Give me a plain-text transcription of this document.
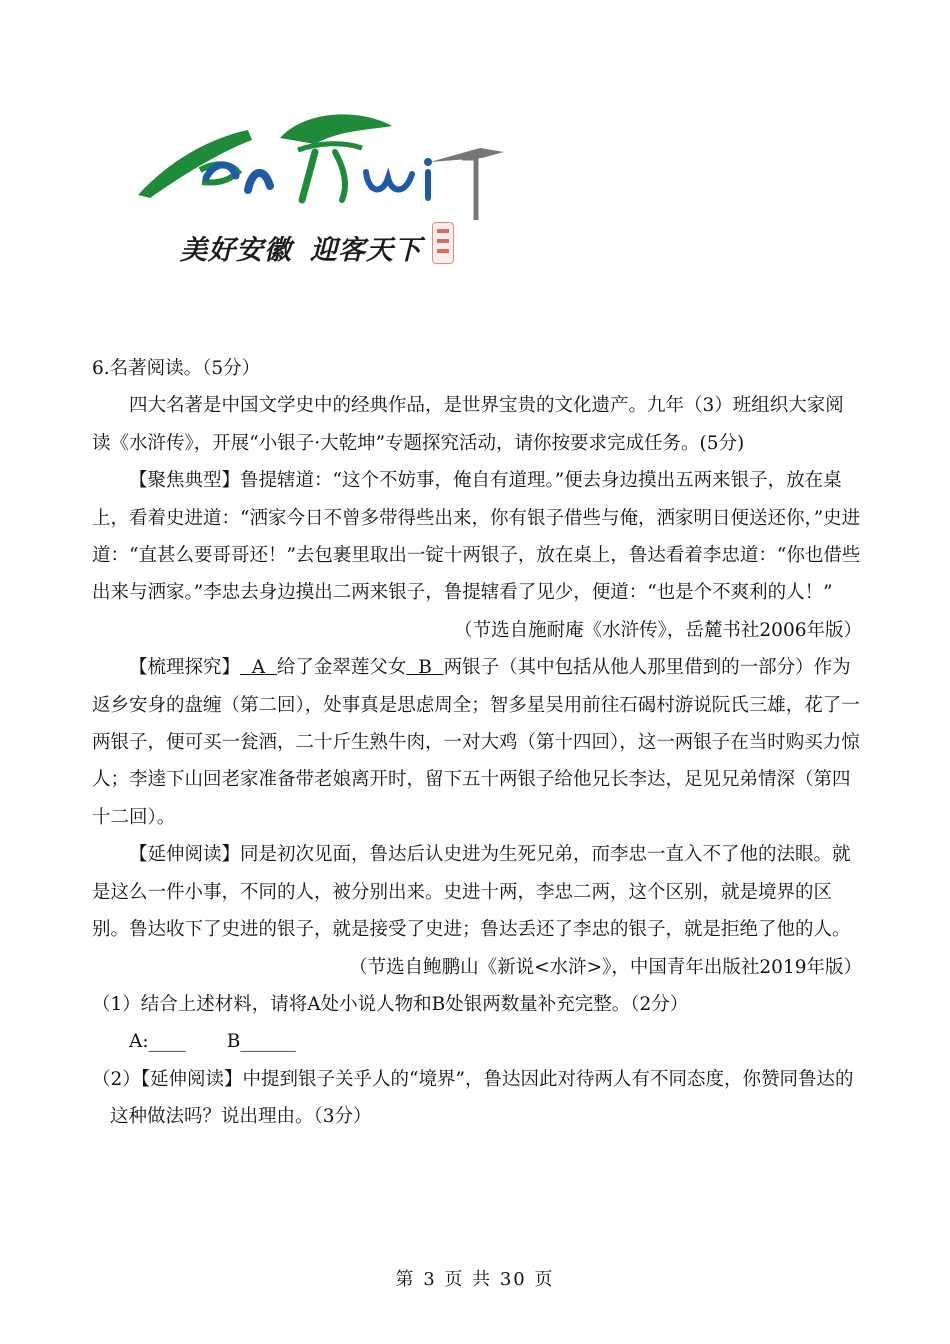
美好安徽 迎客天下

6.名著阅读。（5分）

四大名著是中国文学史中的经典作品，是世界宝贵的文化遗产。九年（3）班组织大家阅读《水浒传》，开展“小银子·大乾坤”专题探究活动，请你按要求完成任务。(5分)

【聚焦典型】鲁提辖道：“这个不妨事，俺自有道理。”便去身边摸出五两来银子，放在桌上，看着史进道：“洒家今日不曾多带得些出来，你有银子借些与俺，洒家明日便送还你，”史进道：“直甚么要哥哥还！”去包裹里取出一锭十两银子，放在桌上，鲁达看着李忠道：“你也借些出来与洒家。”李忠去身边摸出二两来银子，鲁提辖看了见少，便道：“也是个不爽利的人！”

（节选自施耐庵《水浒传》，岳麓书社2006年版）

【梳理探究】 A 给了金翠莲父女 B 两银子（其中包括从他人那里借到的一部分）作为返乡安身的盘缠（第二回），处事真是思虑周全；智多星吴用前往石碣村游说阮氏三雄，花了一两银子，便可买一瓮酒，二十斤生熟牛肉，一对大鸡（第十四回），这一两银子在当时购买力惊人；李逵下山回老家准备带老娘离开时，留下五十两银子给他兄长李达，足见兄弟情深（第四十二回）。

【延伸阅读】同是初次见面，鲁达后认史进为生死兄弟，而李忠一直入不了他的法眼。就是这么一件小事，不同的人，被分别出来。史进十两，李忠二两，这个区别，就是境界的区别。鲁达收下了史进的银子，就是接受了史进；鲁达丢还了李忠的银子，就是拒绝了他的人。

（节选自鲍鹏山《新说<水浒>》，中国青年出版社2019年版）

（1）结合上述材料，请将A处小说人物和B处银两数量补充完整。（2分）

A:____ B______

（2）【延伸阅读】中提到银子关乎人的“境界”，鲁达因此对待两人有不同态度，你赞同鲁达的这种做法吗？说出理由。（3分）

第 3 页 共 30 页
